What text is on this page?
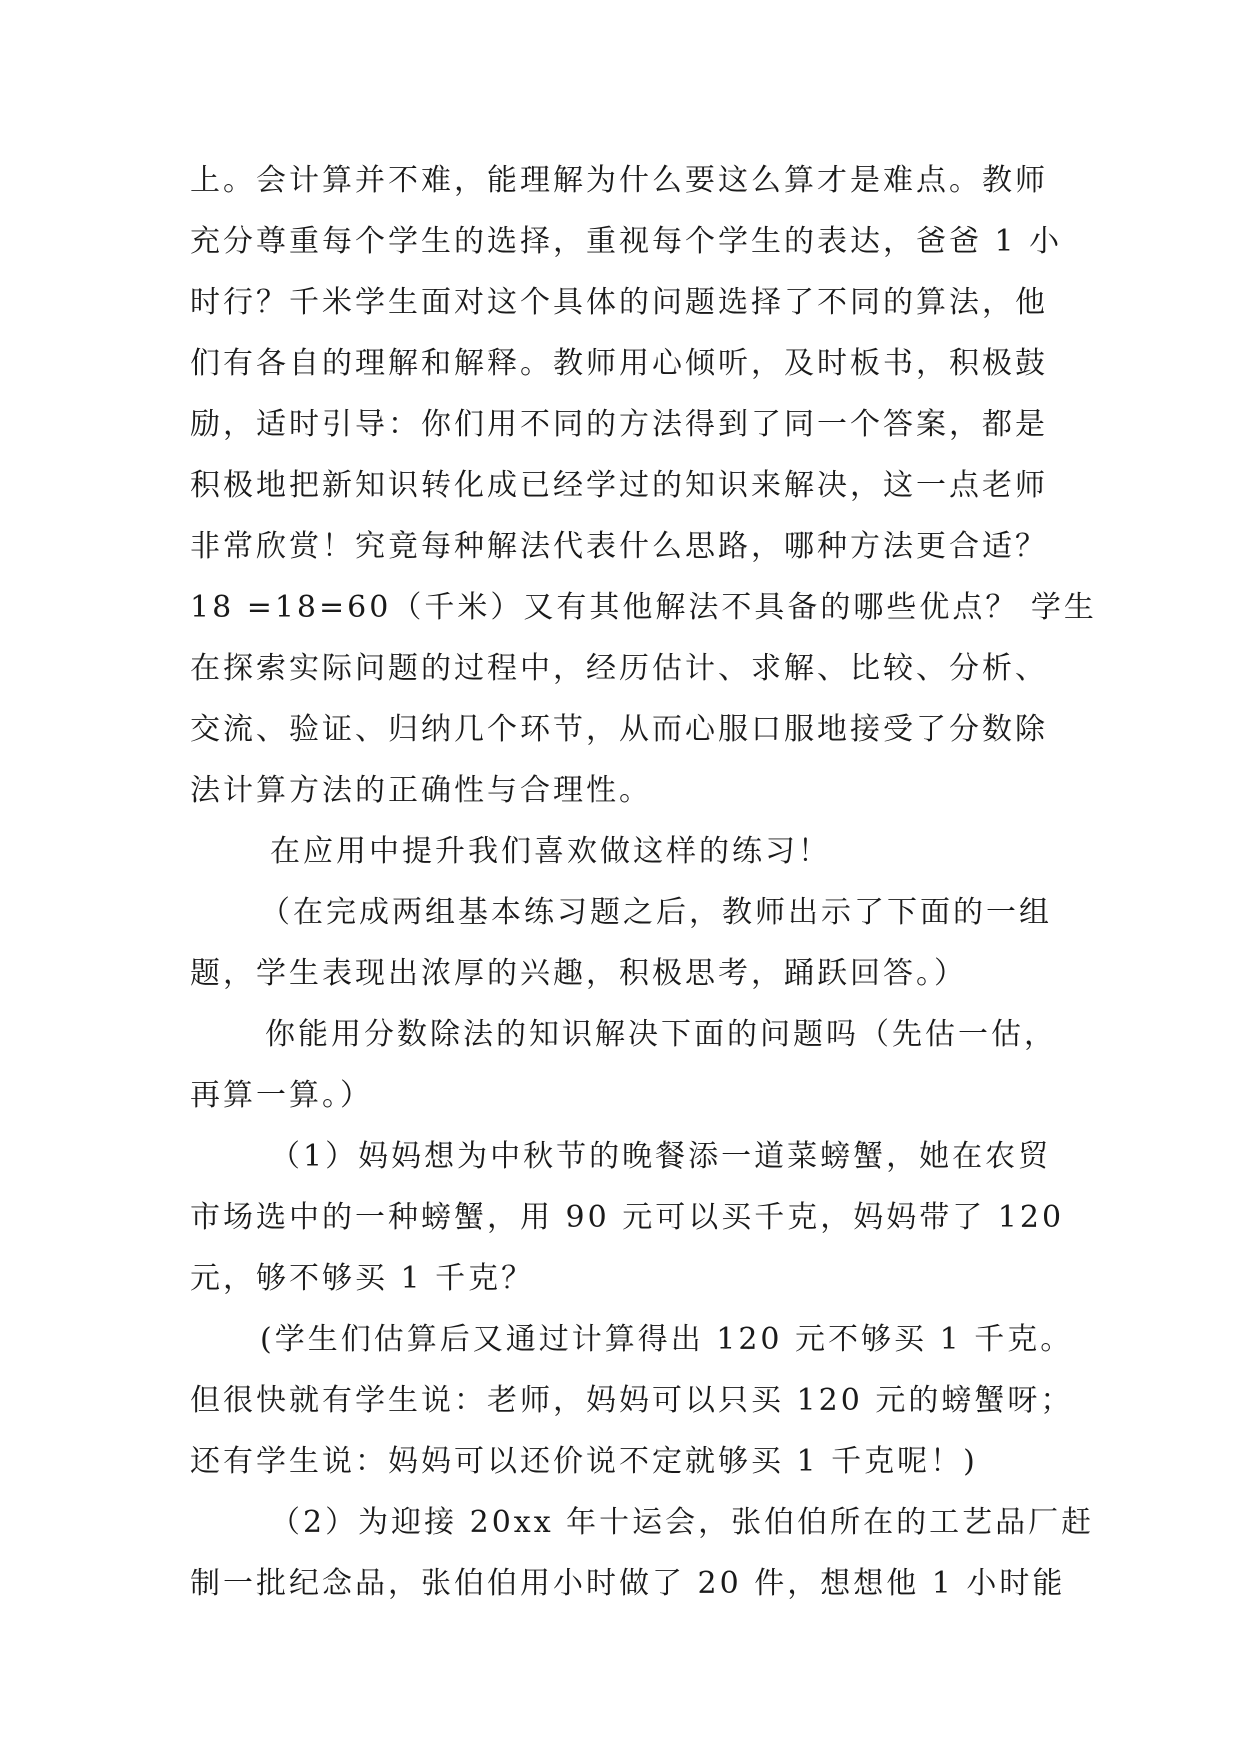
上。会计算并不难，能理解为什么要这么算才是难点。教师
充分尊重每个学生的选择，重视每个学生的表达，爸爸 1 小
时行？千米学生面对这个具体的问题选择了不同的算法，他
们有各自的理解和解释。教师用心倾听，及时板书，积极鼓
励，适时引导：你们用不同的方法得到了同一个答案，都是
积极地把新知识转化成已经学过的知识来解决，这一点老师
非常欣赏！究竟每种解法代表什么思路，哪种方法更合适？
18 =18=60（千米）又有其他解法不具备的哪些优点？ 学生
在探索实际问题的过程中，经历估计、求解、比较、分析、
交流、验证、归纳几个环节，从而心服口服地接受了分数除
法计算方法的正确性与合理性。
在应用中提升我们喜欢做这样的练习！
（在完成两组基本练习题之后，教师出示了下面的一组
题，学生表现出浓厚的兴趣，积极思考，踊跃回答。）
你能用分数除法的知识解决下面的问题吗（先估一估，
再算一算。）
（1）妈妈想为中秋节的晚餐添一道菜螃蟹，她在农贸
市场选中的一种螃蟹，用 90 元可以买千克，妈妈带了 120
元，够不够买 1 千克？
(学生们估算后又通过计算得出 120 元不够买 1 千克。
但很快就有学生说：老师，妈妈可以只买 120 元的螃蟹呀；
还有学生说：妈妈可以还价说不定就够买 1 千克呢！)
（2）为迎接 20xx 年十运会，张伯伯所在的工艺品厂赶
制一批纪念品，张伯伯用小时做了 20 件，想想他 1 小时能
